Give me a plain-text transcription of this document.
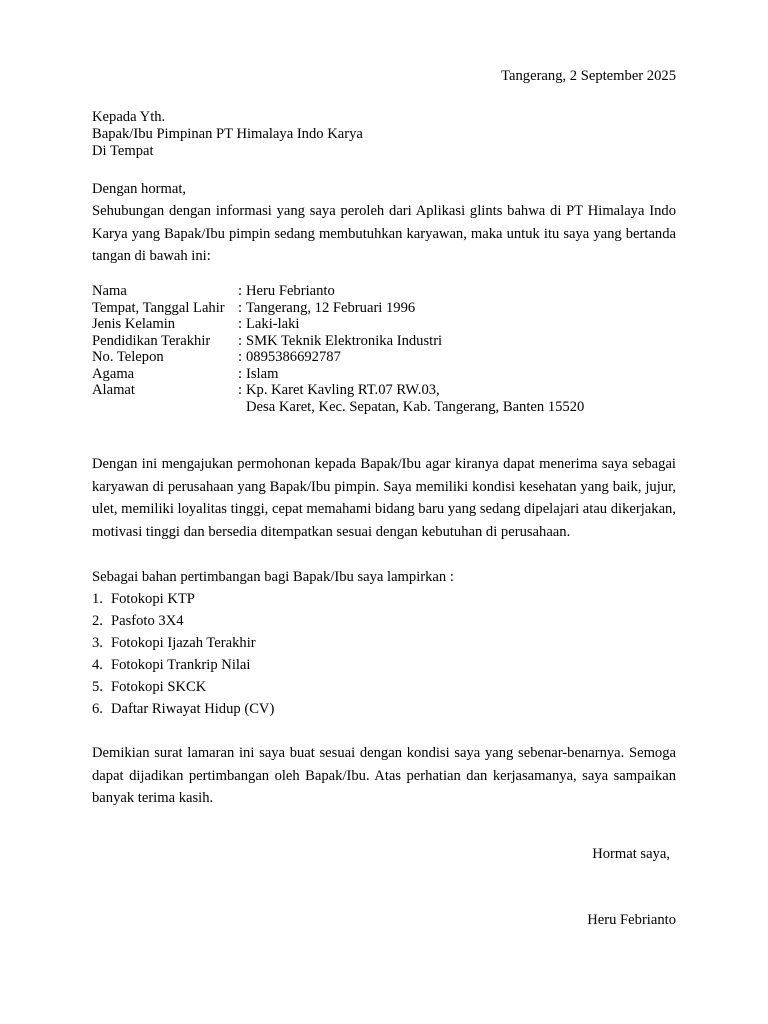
Tangerang, 2 September 2025
Kepada Yth.
Bapak/Ibu Pimpinan PT Himalaya Indo Karya
Di Tempat
Dengan hormat,
Sehubungan dengan informasi yang saya peroleh dari Aplikasi glints bahwa di PT Himalaya Indo Karya yang Bapak/Ibu pimpin sedang membutuhkan karyawan, maka untuk itu saya yang bertanda tangan di bawah ini:
Nama	: Heru Febrianto
Tempat, Tanggal Lahir : Tangerang, 12 Februari 1996
Jenis Kelamin	: Laki-laki
Pendidikan Terakhir	: SMK Teknik Elektronika Industri
No. Telepon	: 0895386692787
Agama	: Islam
Alamat	: Kp. Karet Kavling RT.07 RW.03,
Desa Karet, Kec. Sepatan, Kab. Tangerang, Banten 15520
Dengan ini mengajukan permohonan kepada Bapak/Ibu agar kiranya dapat menerima saya sebagai karyawan di perusahaan yang Bapak/Ibu pimpin. Saya memiliki kondisi kesehatan yang baik, jujur, ulet, memiliki loyalitas tinggi, cepat memahami bidang baru yang sedang dipelajari atau dikerjakan, motivasi tinggi dan bersedia ditempatkan sesuai dengan kebutuhan di perusahaan.
Sebagai bahan pertimbangan bagi Bapak/Ibu saya lampirkan :
1. Fotokopi KTP
2. Pasfoto 3X4
3. Fotokopi Ijazah Terakhir
4. Fotokopi Trankrip Nilai
5. Fotokopi SKCK
6. Daftar Riwayat Hidup (CV)
Demikian surat lamaran ini saya buat sesuai dengan kondisi saya yang sebenar-benarnya. Semoga dapat dijadikan pertimbangan oleh Bapak/Ibu. Atas perhatian dan kerjasamanya, saya sampaikan banyak terima kasih.
Hormat saya,
Heru Febrianto
